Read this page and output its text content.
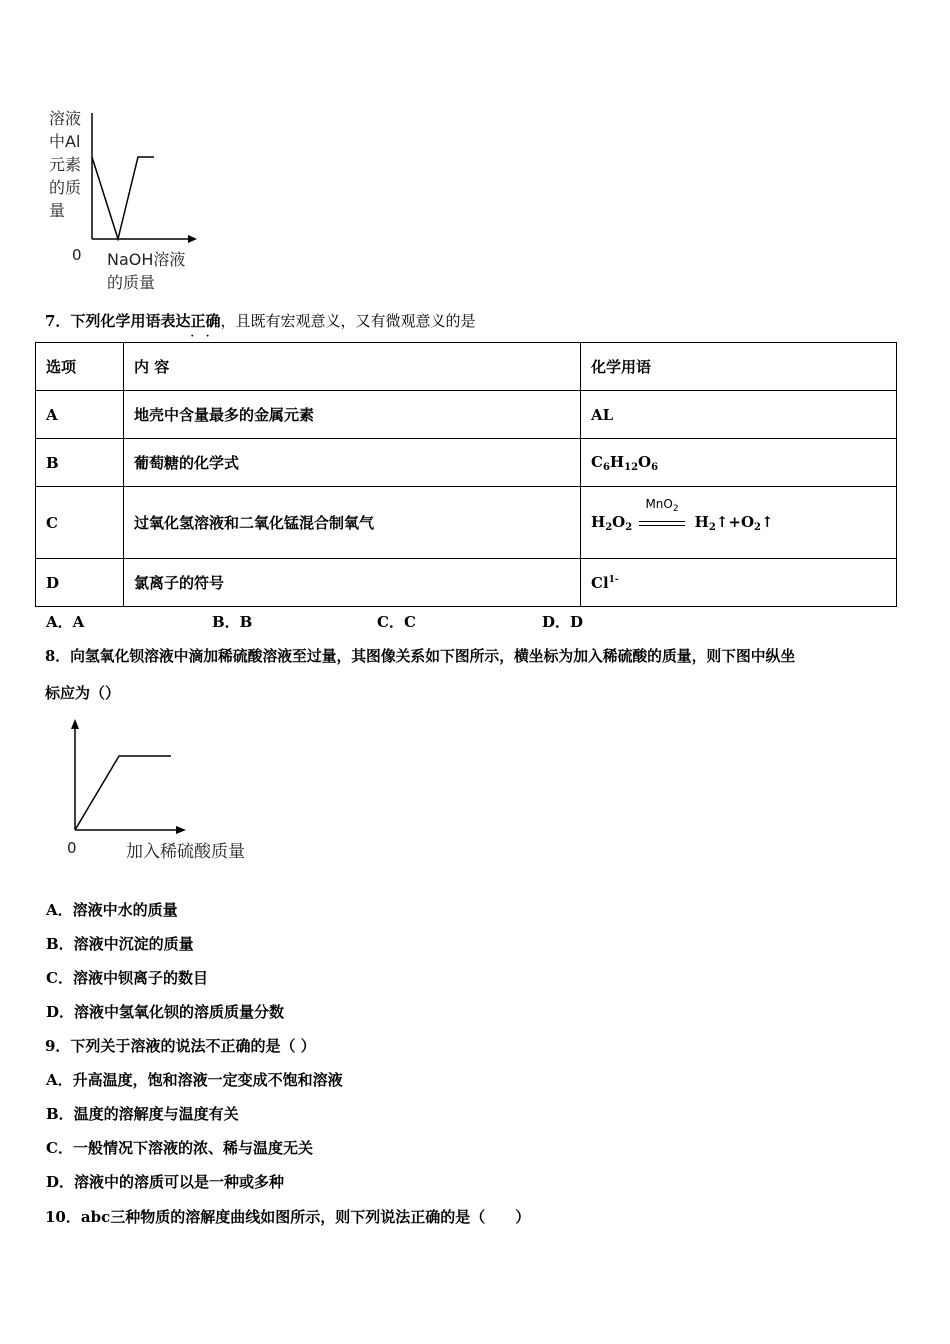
溶液
中Al
元素
的质
量
0 NaOH溶液
的质量
7．下列化学用语表达正确
··
，且既有宏观意义，又有微观意义的是
选项	内 容	化学用语
A	地壳中含量最多的金属元素	AL
B	葡萄糖的化学式	$C_6H_{12}O_6$
C	过氧化氢溶液和二氧化锰混合制氧气	$H_2O_2$
MnO$_2$
$H_2↑+O_2↑$
D	氯离子的符号	$Cl^{1-}$
A．A	B．B	C．C	D．D
8．向氢氧化钡溶液中滴加稀硫酸溶液至过量，其图像关系如下图所示，横坐标为加入稀硫酸的质量，则下图中纵坐
标应为（）
0	加入稀硫酸质量
A．溶液中水的质量
B．溶液中沉淀的质量
C．溶液中钡离子的数目
D．溶液中氢氧化钡的溶质质量分数
9．下列关于溶液的说法不正确的是（ ）
A．升高温度，饱和溶液一定变成不饱和溶液
B．温度的溶解度与温度有关
C．一般情况下溶液的浓、稀与温度无关
D．溶液中的溶质可以是一种或多种
10．abc三种物质的溶解度曲线如图所示，则下列说法正确的是（　　）
